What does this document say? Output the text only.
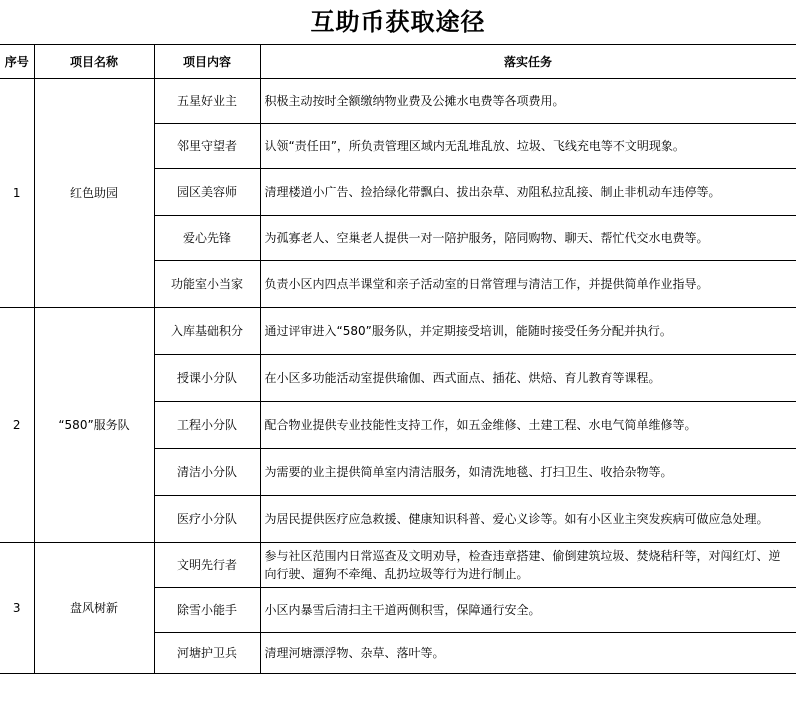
互助币获取途径
序号	项目名称	项目内容	落实任务
1	红色助园	五星好业主	积极主动按时全额缴纳物业费及公摊水电费等各项费用。
		邻里守望者	认领“责任田”，所负责管理区域内无乱堆乱放、垃圾、飞线充电等不文明现象。
		园区美容师	清理楼道小广告、捡拾绿化带飘白、拔出杂草、劝阻私拉乱接、制止非机动车违停等。
		爱心先锋	为孤寡老人、空巢老人提供一对一陪护服务，陪同购物、聊天、帮忙代交水电费等。
		功能室小当家	负责小区内四点半课堂和亲子活动室的日常管理与清洁工作，并提供简单作业指导。
2	“580”服务队	入库基础积分	通过评审进入“580”服务队，并定期接受培训，能随时接受任务分配并执行。
		授课小分队	在小区多功能活动室提供瑜伽、西式面点、插花、烘焙、育儿教育等课程。
		工程小分队	配合物业提供专业技能性支持工作，如五金维修、土建工程、水电气简单维修等。
		清洁小分队	为需要的业主提供简单室内清洁服务，如清洗地毯、打扫卫生、收拾杂物等。
		医疗小分队	为居民提供医疗应急救援、健康知识科普、爱心义诊等。如有小区业主突发疾病可做应急处理。
3	盘风树新	文明先行者	参与社区范围内日常巡查及文明劝导，检查违章搭建、偷倒建筑垃圾、焚烧秸秆等，对闯红灯、逆向行驶、遛狗不牵绳、乱扔垃圾等行为进行制止。
		除雪小能手	小区内暴雪后清扫主干道两侧积雪，保障通行安全。
		河塘护卫兵	清理河塘漂浮物、杂草、落叶等。
